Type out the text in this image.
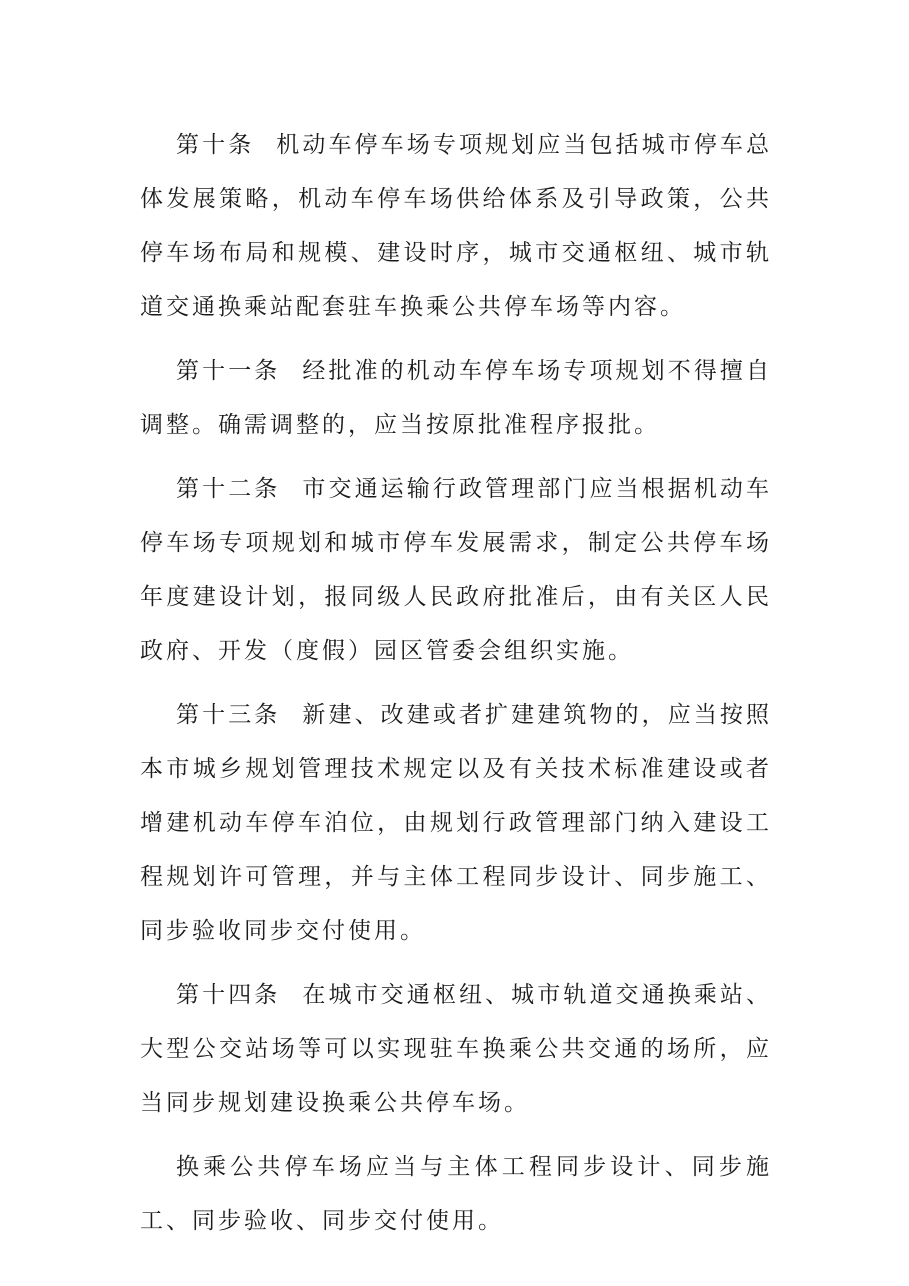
第十条 机动车停车场专项规划应当包括城市停车总体发展策略，机动车停车场供给体系及引导政策，公共停车场布局和规模、建设时序，城市交通枢纽、城市轨道交通换乘站配套驻车换乘公共停车场等内容。

第十一条 经批准的机动车停车场专项规划不得擅自调整。确需调整的，应当按原批准程序报批。

第十二条 市交通运输行政管理部门应当根据机动车停车场专项规划和城市停车发展需求，制定公共停车场年度建设计划，报同级人民政府批准后，由有关区人民政府、开发（度假）园区管委会组织实施。

第十三条 新建、改建或者扩建建筑物的，应当按照本市城乡规划管理技术规定以及有关技术标准建设或者增建机动车停车泊位，由规划行政管理部门纳入建设工程规划许可管理，并与主体工程同步设计、同步施工、同步验收同步交付使用。

第十四条 在城市交通枢纽、城市轨道交通换乘站、大型公交站场等可以实现驻车换乘公共交通的场所，应当同步规划建设换乘公共停车场。

换乘公共停车场应当与主体工程同步设计、同步施工、同步验收、同步交付使用。
